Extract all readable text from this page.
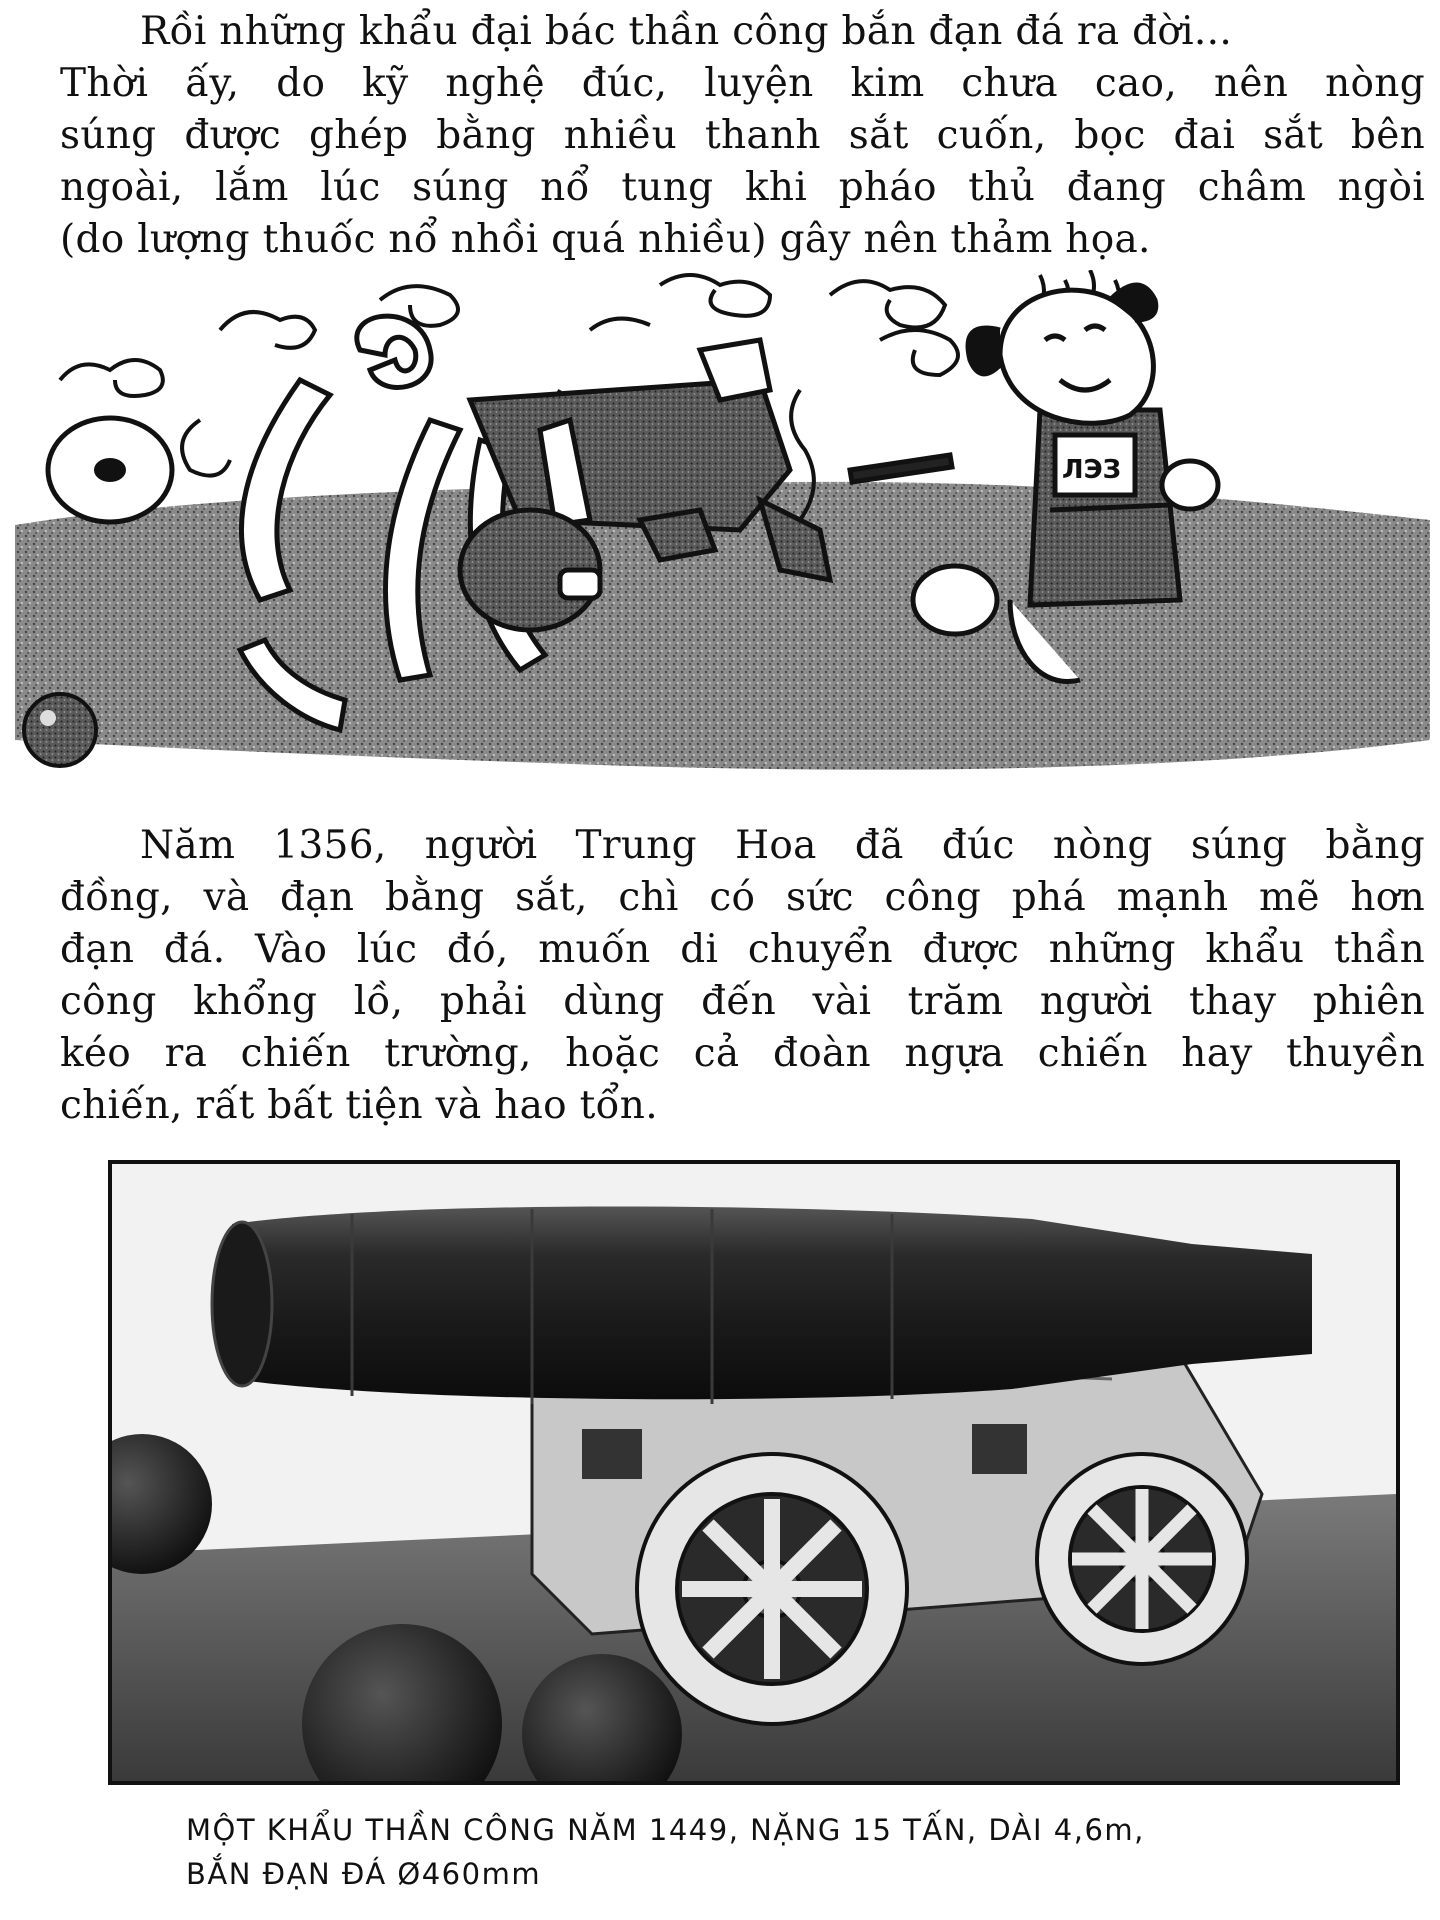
Rồi những khẩu đại bác thần công bắn đạn đá ra đời...
Thời ấy, do kỹ nghệ đúc, luyện kim chưa cao, nên nòng
súng được ghép bằng nhiều thanh sắt cuốn, bọc đai sắt bên
ngoài, lắm lúc súng nổ tung khi pháo thủ đang châm ngòi
(do lượng thuốc nổ nhồi quá nhiều) gây nên thảm họa.
ЛЭЗ
Năm 1356, người Trung Hoa đã đúc nòng súng bằng
đồng, và đạn bằng sắt, chì có sức công phá mạnh mẽ hơn
đạn đá. Vào lúc đó, muốn di chuyển được những khẩu thần
công khổng lồ, phải dùng đến vài trăm người thay phiên
kéo ra chiến trường, hoặc cả đoàn ngựa chiến hay thuyền
chiến, rất bất tiện và hao tổn.
MỘT KHẨU THẦN CÔNG NĂM 1449, NẶNG 15 TẤN, DÀI 4,6m,
BẮN ĐẠN ĐÁ Ø460mm
